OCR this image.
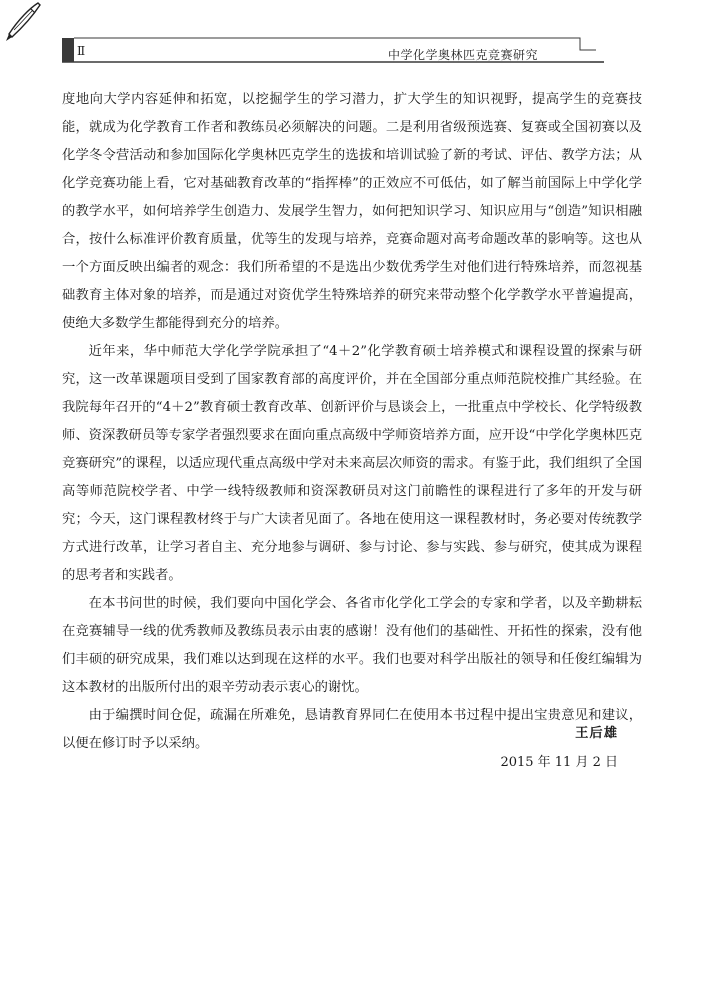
Ⅱ	中学化学奥林匹克竞赛研究

度地向大学内容延伸和拓宽，以挖掘学生的学习潜力，扩大学生的知识视野，提高学生的竞赛技能，就成为化学教育工作者和教练员必须解决的问题。二是利用省级预选赛、复赛或全国初赛以及化学冬令营活动和参加国际化学奥林匹克学生的选拔和培训试验了新的考试、评估、教学方法；从化学竞赛功能上看，它对基础教育改革的“指挥棒”的正效应不可低估，如了解当前国际上中学化学的教学水平，如何培养学生创造力、发展学生智力，如何把知识学习、知识应用与“创造”知识相融合，按什么标准评价教育质量，优等生的发现与培养，竞赛命题对高考命题改革的影响等。这也从一个方面反映出编者的观念：我们所希望的不是选出少数优秀学生对他们进行特殊培养，而忽视基础教育主体对象的培养，而是通过对资优学生特殊培养的研究来带动整个化学教学水平普遍提高，使绝大多数学生都能得到充分的培养。

近年来，华中师范大学化学学院承担了“4＋2”化学教育硕士培养模式和课程设置的探索与研究，这一改革课题项目受到了国家教育部的高度评价，并在全国部分重点师范院校推广其经验。在我院每年召开的“4＋2”教育硕士教育改革、创新评价与恳谈会上，一批重点中学校长、化学特级教师、资深教研员等专家学者强烈要求在面向重点高级中学师资培养方面，应开设“中学化学奥林匹克竞赛研究”的课程，以适应现代重点高级中学对未来高层次师资的需求。有鉴于此，我们组织了全国高等师范院校学者、中学一线特级教师和资深教研员对这门前瞻性的课程进行了多年的开发与研究；今天，这门课程教材终于与广大读者见面了。各地在使用这一课程教材时，务必要对传统教学方式进行改革，让学习者自主、充分地参与调研、参与讨论、参与实践、参与研究，使其成为课程的思考者和实践者。

在本书问世的时候，我们要向中国化学会、各省市化学化工学会的专家和学者，以及辛勤耕耘在竞赛辅导一线的优秀教师及教练员表示由衷的感谢！没有他们的基础性、开拓性的探索，没有他们丰硕的研究成果，我们难以达到现在这样的水平。我们也要对科学出版社的领导和任俊红编辑为这本教材的出版所付出的艰辛劳动表示衷心的谢忱。

由于编撰时间仓促，疏漏在所难免，恳请教育界同仁在使用本书过程中提出宝贵意见和建议，以便在修订时予以采纳。

王后雄
2015 年 11 月 2 日
